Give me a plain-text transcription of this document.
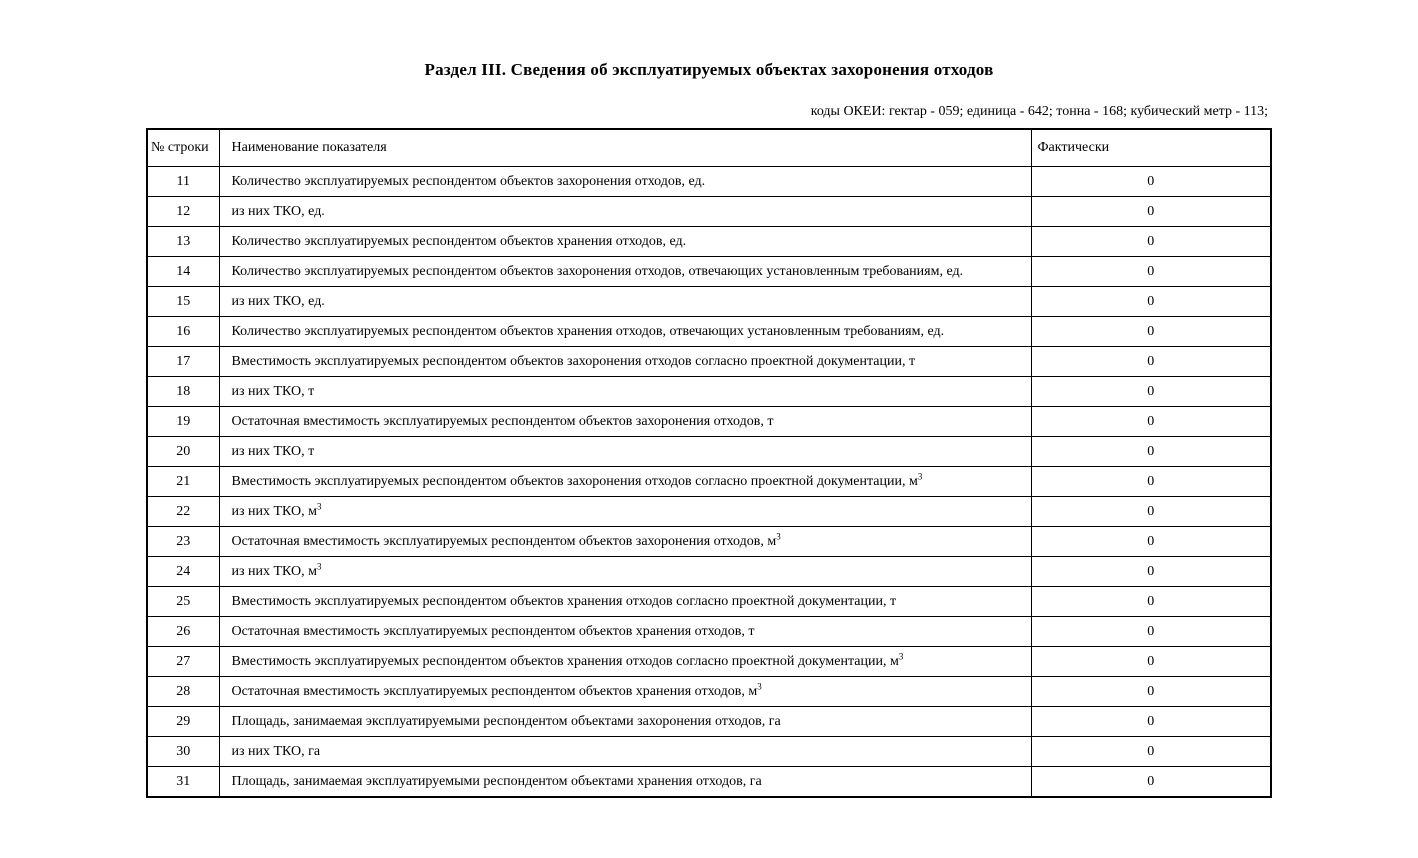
Раздел III. Сведения об эксплуатируемых объектах захоронения отходов
коды ОКЕИ: гектар - 059; единица - 642; тонна - 168; кубический метр - 113;
№ строки	Наименование показателя	Фактически
11	Количество эксплуатируемых респондентом объектов захоронения отходов, ед.	0
12	из них ТКО, ед.	0
13	Количество эксплуатируемых респондентом объектов хранения отходов, ед.	0
14	Количество эксплуатируемых респондентом объектов захоронения отходов, отвечающих установленным требованиям, ед.	0
15	из них ТКО, ед.	0
16	Количество эксплуатируемых респондентом объектов хранения отходов, отвечающих установленным требованиям, ед.	0
17	Вместимость эксплуатируемых респондентом объектов захоронения отходов согласно проектной документации, т	0
18	из них ТКО, т	0
19	Остаточная вместимость эксплуатируемых респондентом объектов захоронения отходов, т	0
20	из них ТКО, т	0
21	Вместимость эксплуатируемых респондентом объектов захоронения отходов согласно проектной документации, $м^3$	0
22	из них ТКО, $м^3$	0
23	Остаточная вместимость эксплуатируемых респондентом объектов захоронения отходов, $м^3$	0
24	из них ТКО, $м^3$	0
25	Вместимость эксплуатируемых респондентом объектов хранения отходов согласно проектной документации, т	0
26	Остаточная вместимость эксплуатируемых респондентом объектов хранения отходов, т	0
27	Вместимость эксплуатируемых респондентом объектов хранения отходов согласно проектной документации, $м^3$	0
28	Остаточная вместимость эксплуатируемых респондентом объектов хранения отходов, $м^3$	0
29	Площадь, занимаемая эксплуатируемыми респондентом объектами захоронения отходов, га	0
30	из них ТКО, га	0
31	Площадь, занимаемая эксплуатируемыми респондентом объектами хранения отходов, га	0
